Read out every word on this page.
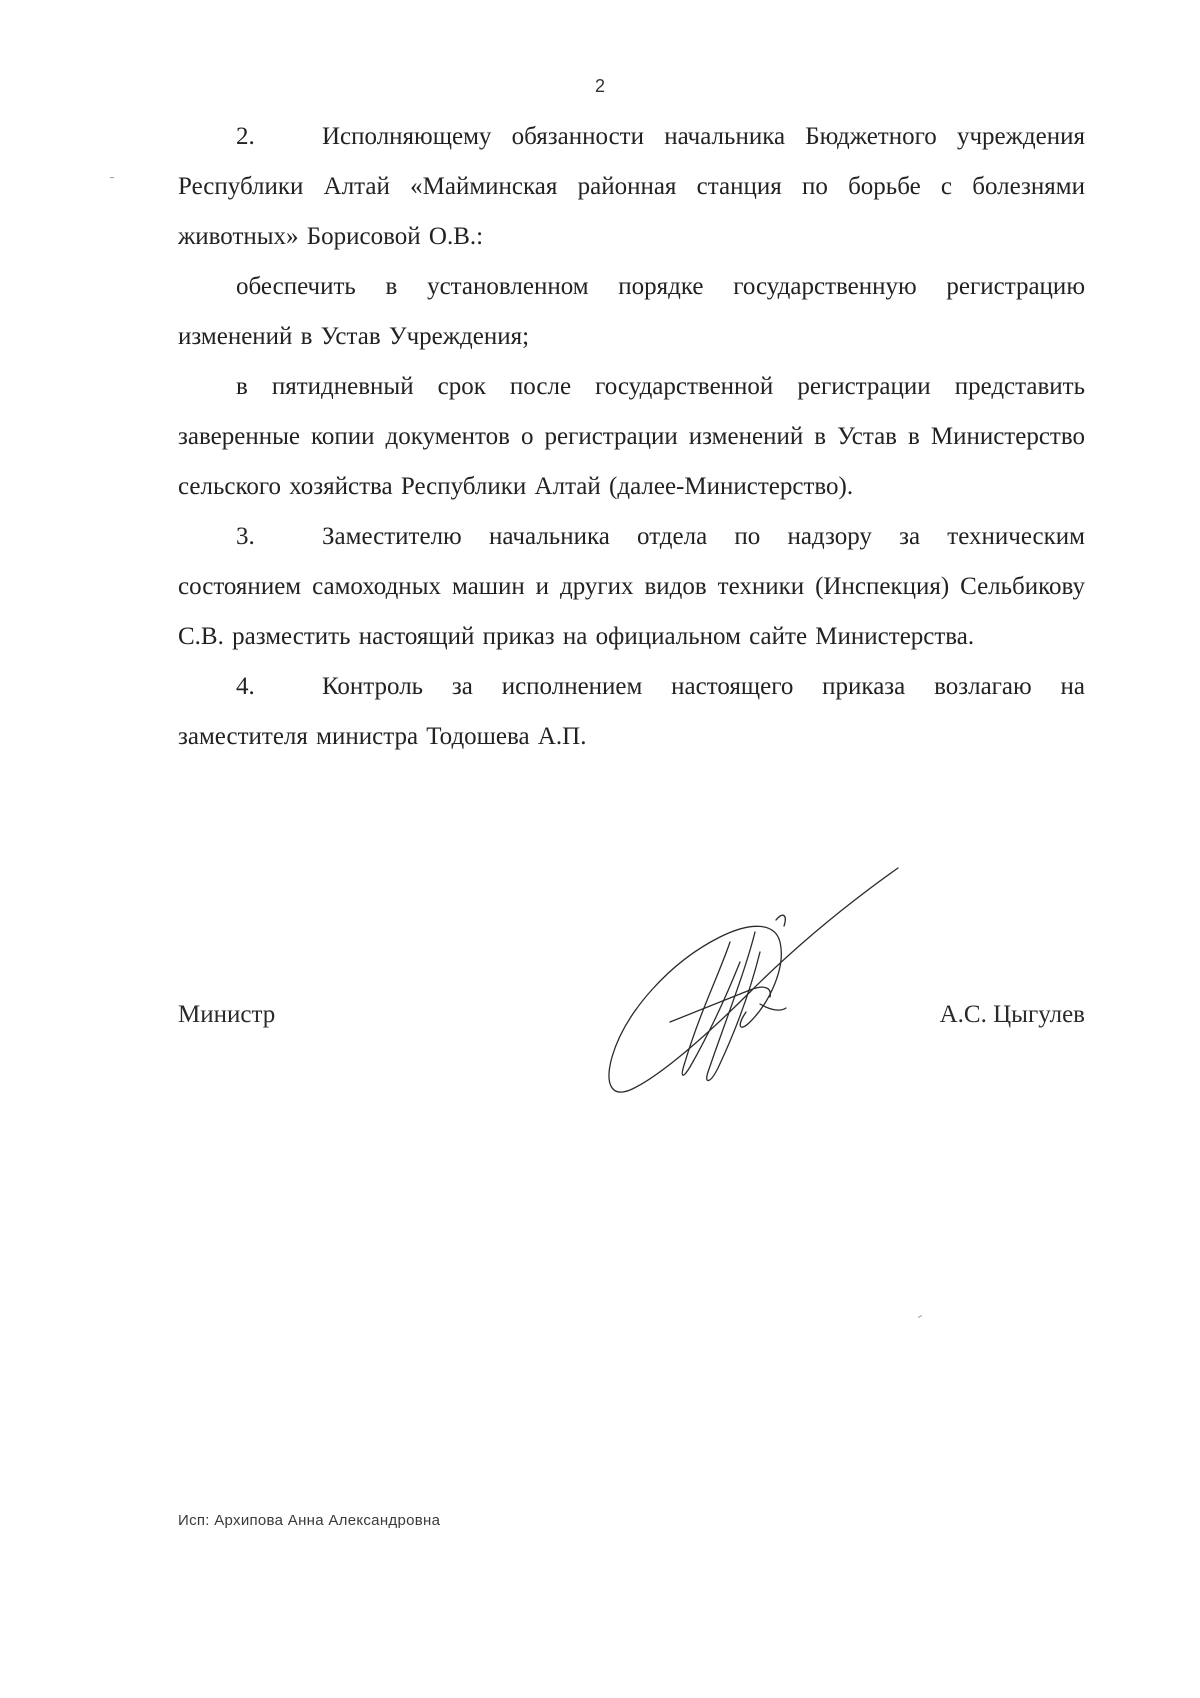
2

2.	Исполняющему обязанности начальника Бюджетного учреждения Республики Алтай «Майминская районная станция по борьбе с болезнями животных» Борисовой О.В.:

обеспечить в установленном порядке государственную регистрацию изменений в Устав Учреждения;

в пятидневный срок после государственной регистрации представить заверенные копии документов о регистрации изменений в Устав в Министерство сельского хозяйства Республики Алтай (далее-Министерство).

3.	Заместителю начальника отдела по надзору за техническим состоянием самоходных машин и других видов техники (Инспекция) Сельбикову С.В. разместить настоящий приказ на официальном сайте Министерства.

4.	Контроль за исполнением настоящего приказа возлагаю на заместителя министра Тодошева А.П.

Министр	А.С. Цыгулев
Исп: Архипова Анна Александровна
